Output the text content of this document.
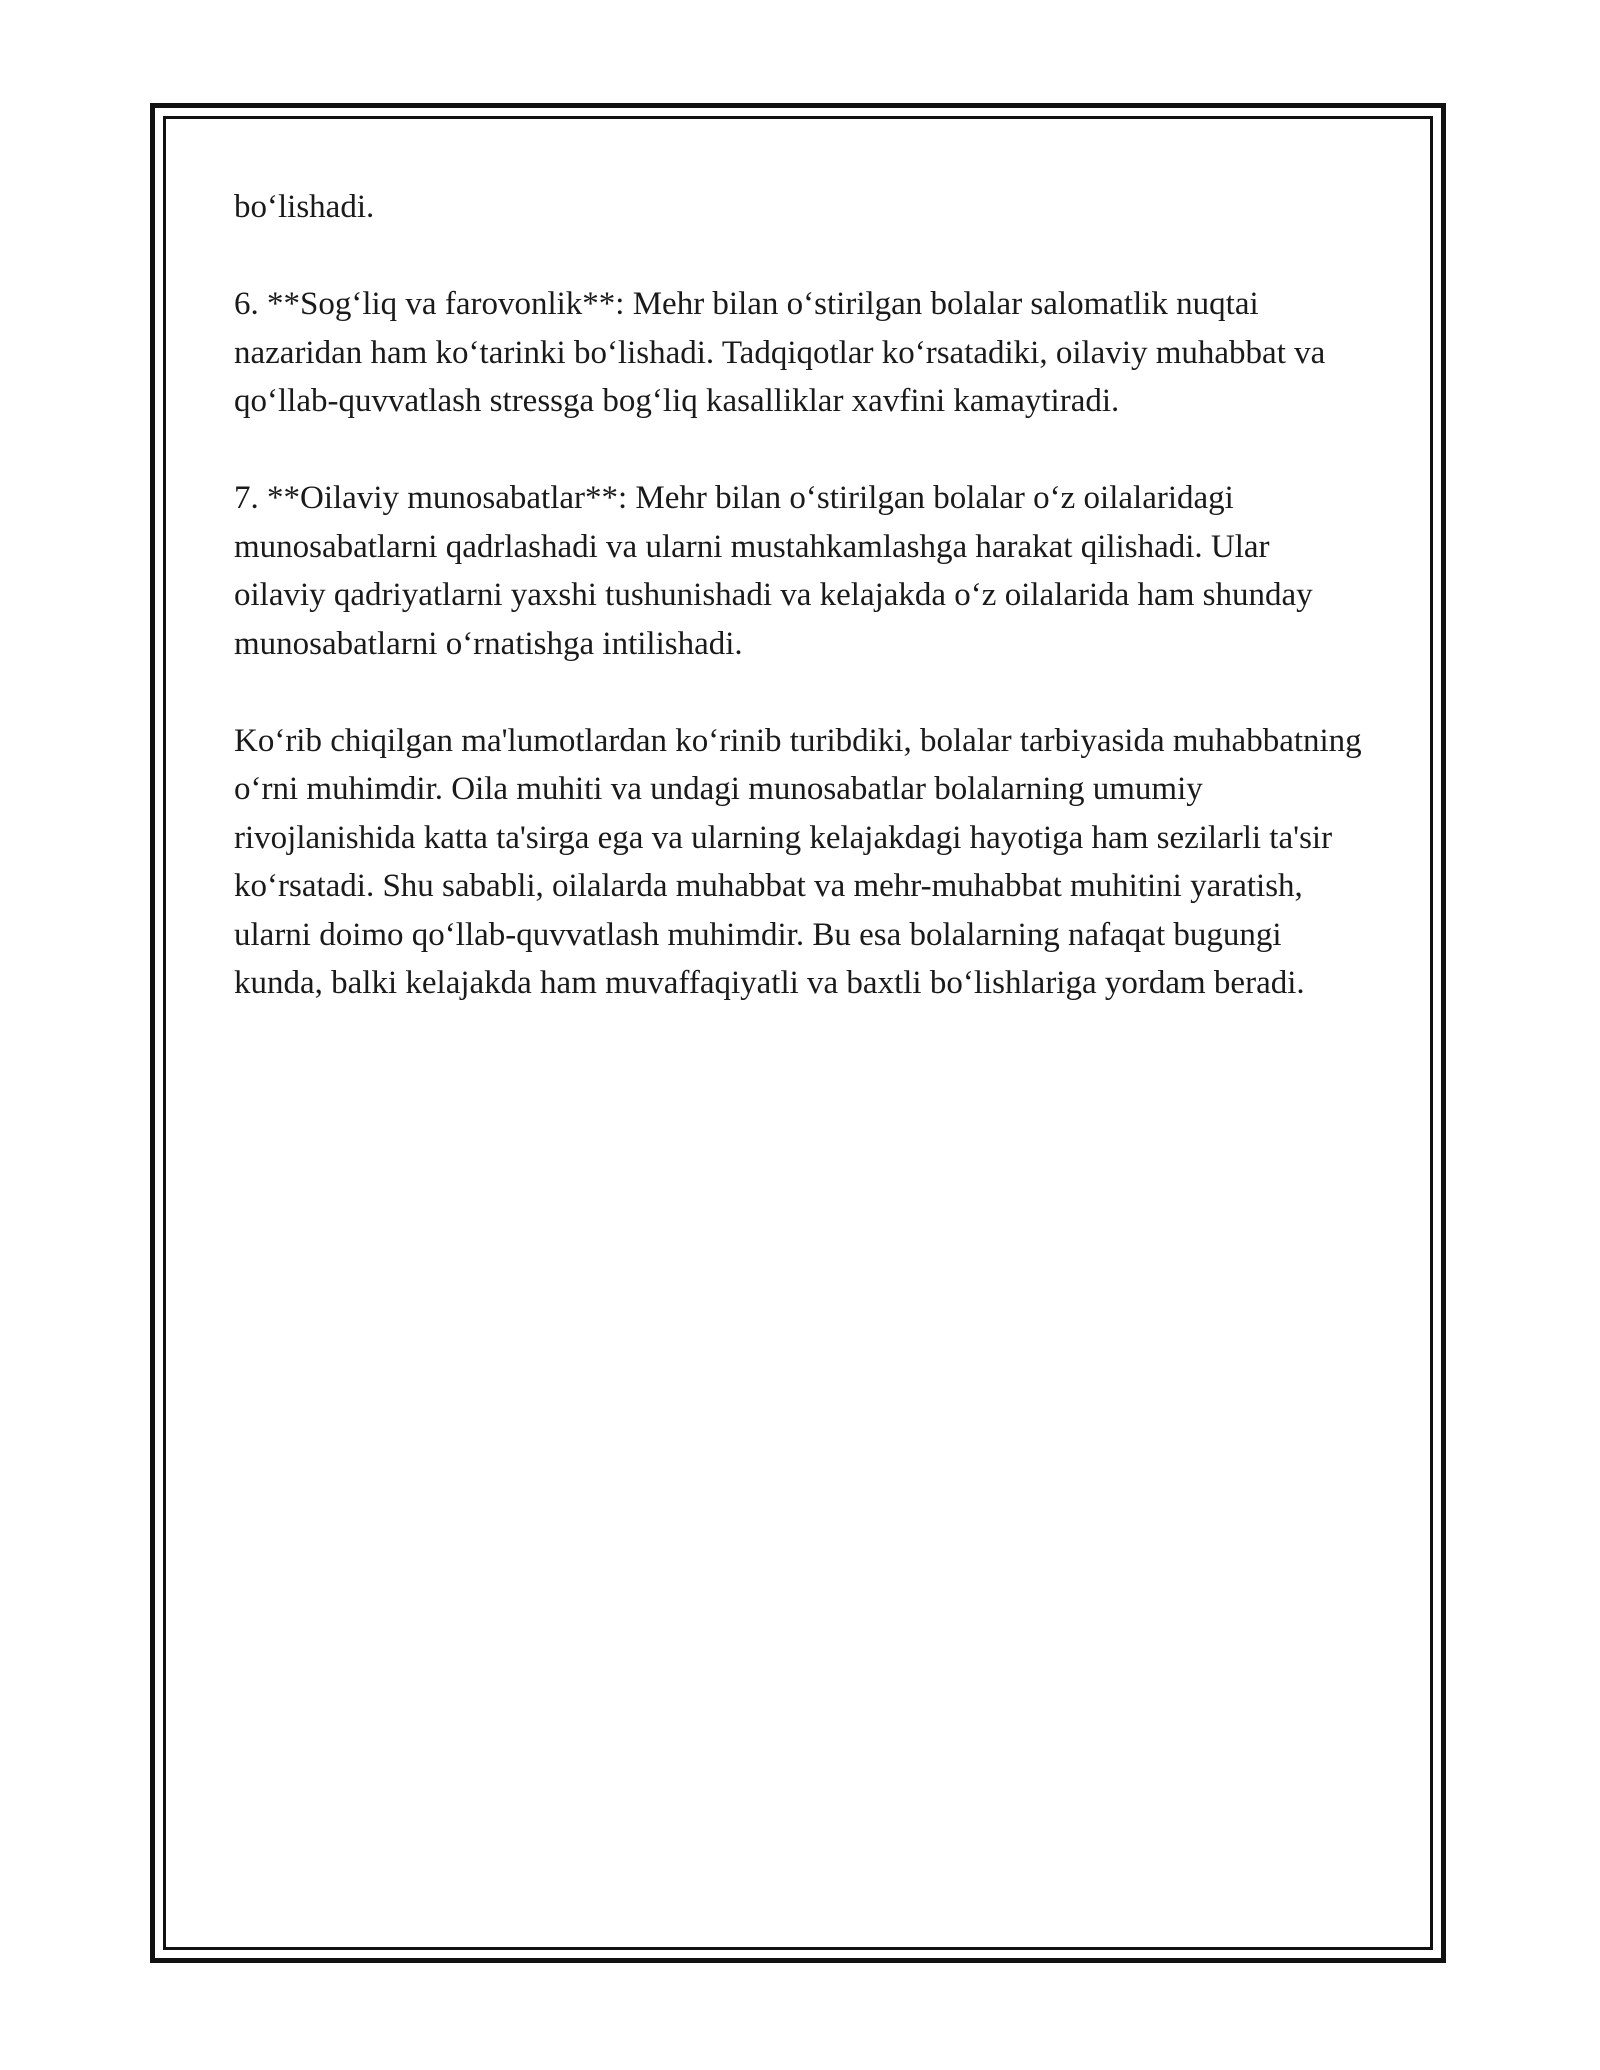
bo‘lishadi.

6. **Sog‘liq va farovonlik**: Mehr bilan o‘stirilgan bolalar salomatlik nuqtai nazaridan ham ko‘tarinki bo‘lishadi. Tadqiqotlar ko‘rsatadiki, oilaviy muhabbat va qo‘llab-quvvatlash stressga bog‘liq kasalliklar xavfini kamaytiradi.

7. **Oilaviy munosabatlar**: Mehr bilan o‘stirilgan bolalar o‘z oilalaridagi munosabatlarni qadrlashadi va ularni mustahkamlashga harakat qilishadi. Ular oilaviy qadriyatlarni yaxshi tushunishadi va kelajakda o‘z oilalarida ham shunday munosabatlarni o‘rnatishga intilishadi.

Ko‘rib chiqilgan ma'lumotlardan ko‘rinib turibdiki, bolalar tarbiyasida muhabbatning o‘rni muhimdir. Oila muhiti va undagi munosabatlar bolalarning umumiy rivojlanishida katta ta'sirga ega va ularning kelajakdagi hayotiga ham sezilarli ta'sir ko‘rsatadi. Shu sababli, oilalarda muhabbat va mehr-muhabbat muhitini yaratish, ularni doimo qo‘llab-quvvatlash muhimdir. Bu esa bolalarning nafaqat bugungi kunda, balki kelajakda ham muvaffaqiyatli va baxtli bo‘lishlariga yordam beradi.
